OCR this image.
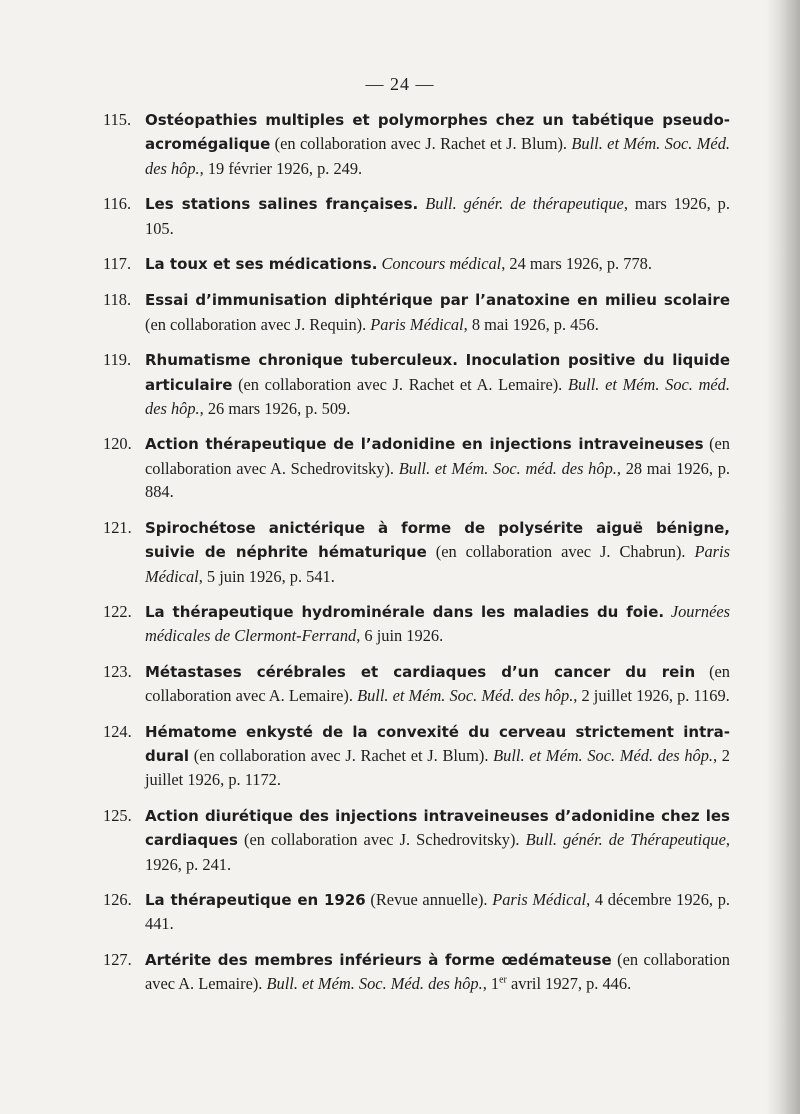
— 24 —
115. Ostéopathies multiples et polymorphes chez un tabétique pseudo-acromégalique (en collaboration avec J. Rachet et J. Blum). Bull. et Mém. Soc. Méd. des hôp., 19 février 1926, p. 249.
116. Les stations salines françaises. Bull. génér. de thérapeutique, mars 1926, p. 105.
117. La toux et ses médications. Concours médical, 24 mars 1926, p. 778.
118. Essai d’immunisation diphtérique par l’anatoxine en milieu scolaire (en collaboration avec J. Requin). Paris Médical, 8 mai 1926, p. 456.
119. Rhumatisme chronique tuberculeux. Inoculation positive du liquide articulaire (en collaboration avec J. Rachet et A. Lemaire). Bull. et Mém. Soc. méd. des hôp., 26 mars 1926, p. 509.
120. Action thérapeutique de l’adonidine en injections intraveineuses (en collaboration avec A. Schedrovitsky). Bull. et Mém. Soc. méd. des hôp., 28 mai 1926, p. 884.
121. Spirochétose anictérique à forme de polysérite aiguë bénigne, suivie de néphrite hématurique (en collaboration avec J. Chabrun). Paris Médical, 5 juin 1926, p. 541.
122. La thérapeutique hydrominérale dans les maladies du foie. Journées médicales de Clermont-Ferrand, 6 juin 1926.
123. Métastases cérébrales et cardiaques d’un cancer du rein (en collaboration avec A. Lemaire). Bull. et Mém. Soc. Méd. des hôp., 2 juillet 1926, p. 1169.
124. Hématome enkysté de la convexité du cerveau strictement intra-dural (en collaboration avec J. Rachet et J. Blum). Bull. et Mém. Soc. Méd. des hôp., 2 juillet 1926, p. 1172.
125. Action diurétique des injections intraveineuses d’adonidine chez les cardiaques (en collaboration avec J. Schedrovitsky). Bull. génér. de Thérapeutique, 1926, p. 241.
126. La thérapeutique en 1926 (Revue annuelle). Paris Médical, 4 décembre 1926, p. 441.
127. Artérite des membres inférieurs à forme œdémateuse (en collaboration avec A. Lemaire). Bull. et Mém. Soc. Méd. des hôp., 1er avril 1927, p. 446.
